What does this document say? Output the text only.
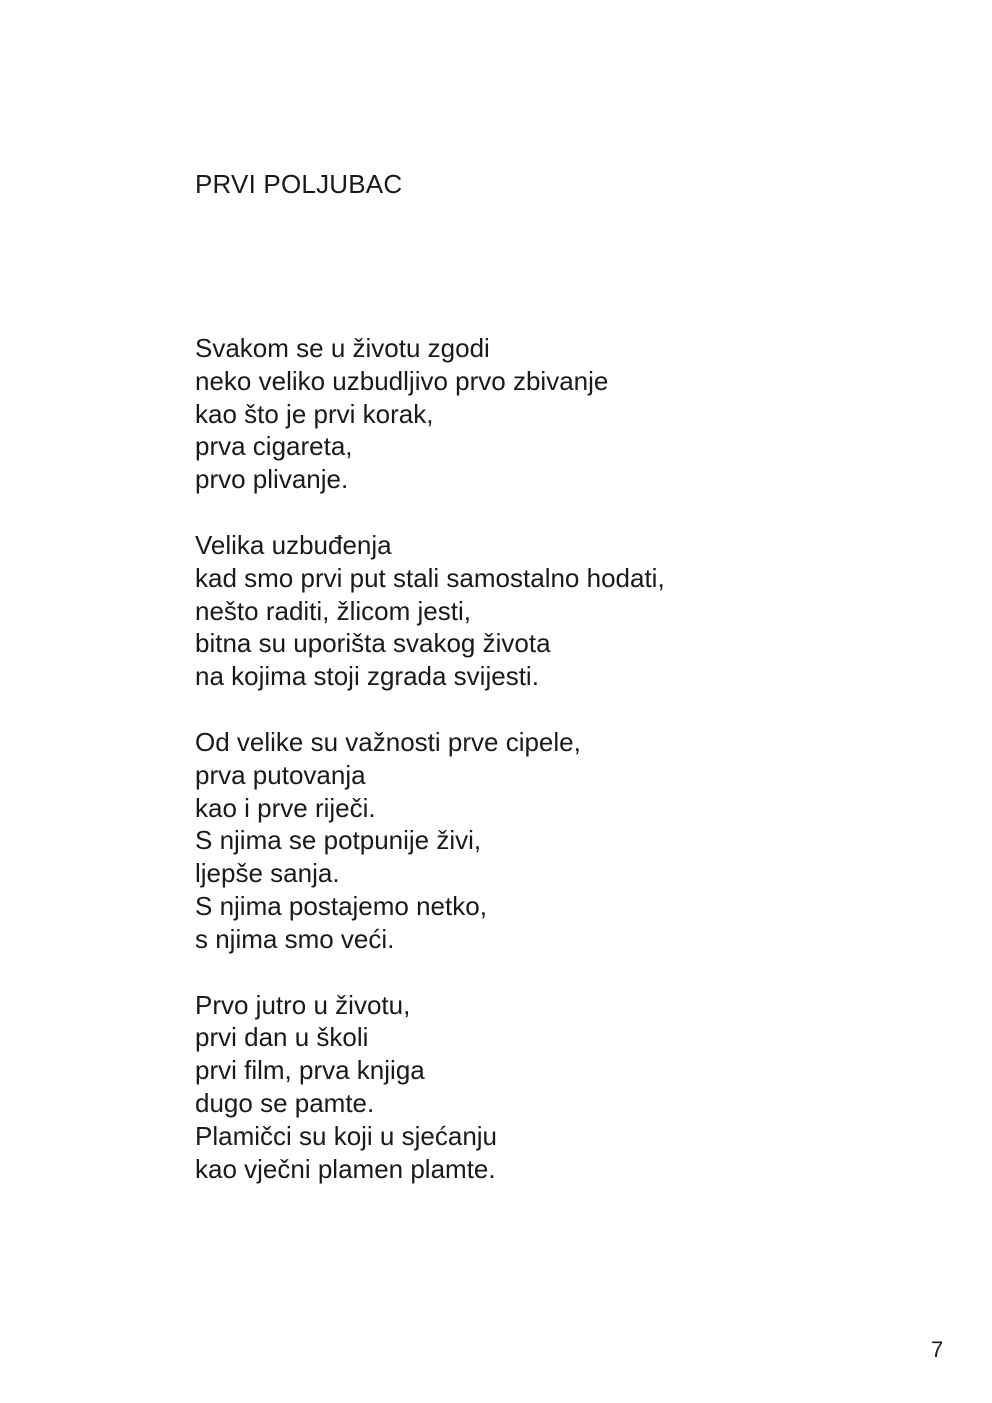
PRVI POLJUBAC
Svakom se u životu zgodi
neko veliko uzbudljivo prvo zbivanje
kao što je prvi korak,
prva cigareta,
prvo plivanje.
Velika uzbuđenja
kad smo prvi put stali samostalno hodati,
nešto raditi, žlicom jesti,
bitna su uporišta svakog života
na kojima stoji zgrada svijesti.
Od velike su važnosti prve cipele,
prva putovanja
kao i prve riječi.
S njima se potpunije živi,
ljepše sanja.
S njima postajemo netko,
s njima smo veći.
Prvo jutro u životu,
prvi dan u školi
prvi film, prva knjiga
dugo se pamte.
Plamičci su koji u sjećanju
kao vječni plamen plamte.
7
